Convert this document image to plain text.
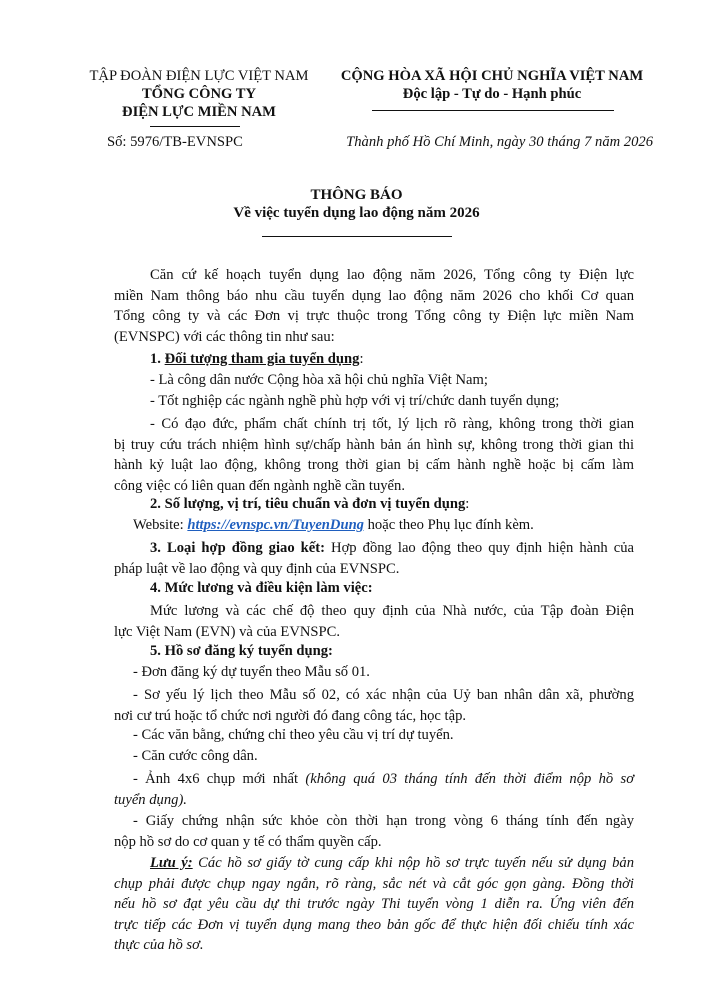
TẬP ĐOÀN ĐIỆN LỰC VIỆT NAM
TỔNG CÔNG TY
ĐIỆN LỰC MIỀN NAM
CỘNG HÒA XÃ HỘI CHỦ NGHĨA VIỆT NAM
Độc lập - Tự do - Hạnh phúc
Số: 5976/TB-EVNSPC	Thành phố Hồ Chí Minh, ngày 30 tháng 7 năm 2026
THÔNG BÁO
Về việc tuyển dụng lao động năm 2026
Căn cứ kế hoạch tuyển dụng lao động năm 2026, Tổng công ty Điện lực
miền Nam thông báo nhu cầu tuyển dụng lao động năm 2026 cho khối Cơ quan
Tổng công ty và các Đơn vị trực thuộc trong Tổng công ty Điện lực miền Nam
(EVNSPC) với các thông tin như sau:
1. Đối tượng tham gia tuyển dụng:
- Là công dân nước Cộng hòa xã hội chủ nghĩa Việt Nam;
- Tốt nghiệp các ngành nghề phù hợp với vị trí/chức danh tuyển dụng;
- Có đạo đức, phẩm chất chính trị tốt, lý lịch rõ ràng, không trong thời gian
bị truy cứu trách nhiệm hình sự/chấp hành bản án hình sự, không trong thời gian thi
hành kỷ luật lao động, không trong thời gian bị cấm hành nghề hoặc bị cấm làm
công việc có liên quan đến ngành nghề cần tuyển.
2. Số lượng, vị trí, tiêu chuẩn và đơn vị tuyển dụng:
Website: https://evnspc.vn/TuyenDung hoặc theo Phụ lục đính kèm.
3. Loại hợp đồng giao kết: Hợp đồng lao động theo quy định hiện hành của
pháp luật về lao động và quy định của EVNSPC.
4. Mức lương và điều kiện làm việc:
Mức lương và các chế độ theo quy định của Nhà nước, của Tập đoàn Điện
lực Việt Nam (EVN) và của EVNSPC.
5. Hồ sơ đăng ký tuyển dụng:
- Đơn đăng ký dự tuyển theo Mẫu số 01.
- Sơ yếu lý lịch theo Mẫu số 02, có xác nhận của Uỷ ban nhân dân xã, phường
nơi cư trú hoặc tổ chức nơi người đó đang công tác, học tập.
- Các văn bằng, chứng chỉ theo yêu cầu vị trí dự tuyển.
- Căn cước công dân.
- Ảnh 4x6 chụp mới nhất (không quá 03 tháng tính đến thời điểm nộp hồ sơ
tuyển dụng).
- Giấy chứng nhận sức khỏe còn thời hạn trong vòng 6 tháng tính đến ngày
nộp hồ sơ do cơ quan y tế có thẩm quyền cấp.
Lưu ý: Các hồ sơ giấy tờ cung cấp khi nộp hồ sơ trực tuyến nếu sử dụng bản
chụp phải được chụp ngay ngắn, rõ ràng, sắc nét và cắt góc gọn gàng. Đồng thời
nếu hồ sơ đạt yêu cầu dự thi trước ngày Thi tuyển vòng 1 diễn ra. Ứng viên đến
trực tiếp các Đơn vị tuyển dụng mang theo bản gốc để thực hiện đối chiếu tính xác
thực của hồ sơ.
